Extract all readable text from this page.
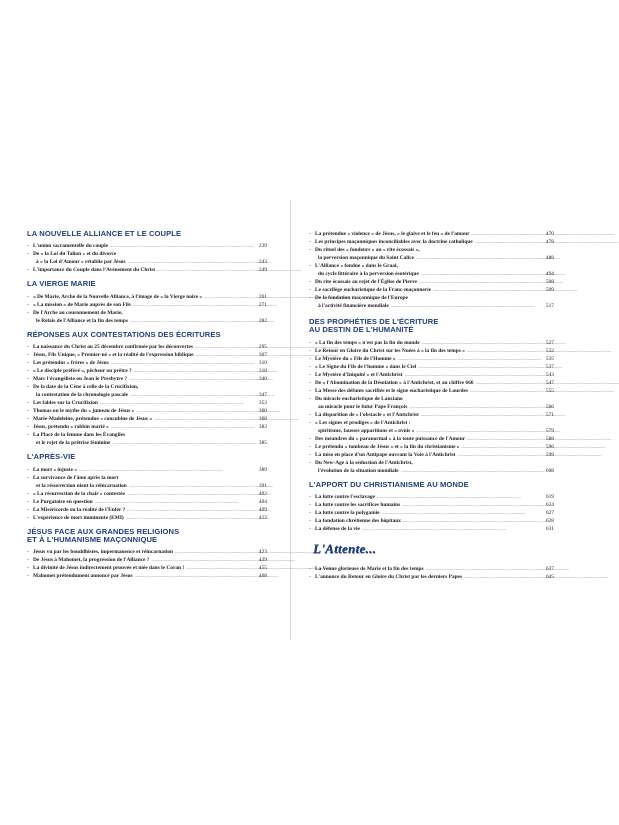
LA NOUVELLE ALLIANCE ET LE COUPLE
- L'union sacramentelle du couple . . .	239
- De « la Loi du Talion » et du divorce
à « la Loi d'Amour » rétablie par Jésus . . .	243
- L'importance du Couple dans l'Avènement du Christ . . .	249
LA VIERGE MARIE
- « De Marie, Arche de la Nouvelle Alliance, à l'image de « la Vierge noire » . . .	261
- « La mission » de Marie auprès de son Fils . . .	271
- De l'Arche au couronnement de Marie,
le Relais de l'Alliance et la fin des temps . . .	282
RÉPONSES AUX CONTESTATIONS DES ÉCRITURES
- La naissance du Christ au 25 décembre confirmée par les découvertes . . .	295
- Jésus, Fils Unique, « Premier-né » et la réalité de l'expression biblique . . .	307
- Les prétendus « frères » de Jésus . . .	310
- « Le disciple préféré », pêcheur ou prêtre ? . . .	318
- Marc l'évangéliste ou Jean le Presbytre ? . . .	340
- De la date de la Cène à celle de la Crucifixion,
la contestation de la chronologie pascale . . .	347
- Les fables sur la Crucifixion . . .	353
- Thomas ou le mythe du « jumeau de Jésus » . . .	360
- Marie-Madeleine, prétendue « concubine de Jésus » . . .	368
- Jésus, prétendu « rabbin marié » . . .	383
- La Place de la femme dans les Évangiles
et le rejet de la prêtrise féminine . . .	385
L'APRÈS-VIE
- La mort « injuste » . . .	389
- La survivance de l'âme après la mort
et la résurrection nient la réincarnation . . .	391
- « La résurrection de la chair » contestée . . .	402
- Le Purgatoire en question . . .	404
- La Miséricorde ou la réalité de l'Enfer ? . . .	409
- L'expérience de mort imminente (EMI) . . .	412
JÉSUS FACE AUX GRANDES RELIGIONS
ET À L'HUMANISME MAÇONNIQUE
- Jésus vu par les bouddhistes, impermanence et réincarnation . . .	423
- De Jésus à Mahomet, la progression de l'Alliance ? . . .	439
- La divinité de Jésus indirectement prouvée et niée dans le Coran ! . . .	455
- Mahomet prétendument annoncé par Jésus . . .	468
- La prétendue « violence » de Jésus, « le glaive et le feu » de l'amour . . .	470
- Les principes maçonniques inconciliables avec la doctrine catholique . . .	478
- Du rituel des « fondeurs » au « rite écossais »,
la perversion maçonnique du Saint Calice . . .	488
- L'Alliance « fondue » dans le Graal,
du cycle littéraire à la perversion ésotérique . . .	494
- Du rite écossais au rejet de l'Église de Pierre . . .	508
- Le sacrilège eucharistique de la Franc-maçonnerie . . .	509
- De la fondation maçonnique de l'Europe
à l'activité financière mondiale . . .	517
DES PROPHÉTIES DE L'ÉCRITURE
AU DESTIN DE L'HUMANITÉ
- « La fin des temps » n'est pas la fin du monde . . .	527
- Le Retour en Gloire du Christ sur les Nuées à « la fin des temps » . . .	532
- Le Mystère du « Fils de l'Homme » . . .	535
- « Le Signe du Fils de l'homme » dans le Ciel . . .	537
- Le Mystère d'Iniquité « et l'Antichrist . . .	543
- De « l'Abomination de la Désolation » à l'Antichrist, et au chiffre 666 . . .	547
- La Messe des défunts sacrifiée et le signe eucharistique de Lourdes . . .	555
- Du miracle eucharistique de Lanciano
au miracle pour le futur Pape François . . .	566
- La disparition de « l'obstacle » et l'Antichrist . . .	571
- « Les signes et prodiges » de l'Antichrist :
spiritisme, fausses apparitions et « ovnis » . . .	579
- Des méandres du « paranormal » à la toute puissance de l'Amour . . .	588
- Le prétendu « tombeau de Jésus » et « la fin du christianisme » . . .	596
- La mise en place d'un Antipape ouvrant la Voie à l'Antichrist . . .	599
- Du New-Age à la séduction de l'Antichrist,
l'évolution de la situation mondiale . . .	608
L'APPORT DU CHRISTIANISME AU MONDE
- La lutte contre l'esclavage . . .	619
- La lutte contre les sacrifices humains . . .	624
- La lutte contre la polygamie . . .	627
- La fondation chrétienne des hôpitaux . . .	628
- La défense de la vie . . .	631
L'Attente...
- La Venue glorieuse de Marie et la fin des temps . . .	637
- L'annonce du Retour en Gloire du Christ par les derniers Papes . . .	645
